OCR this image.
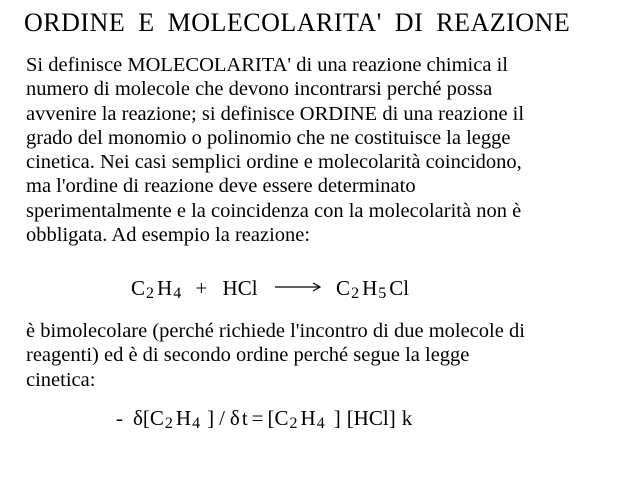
ORDINE E MOLECOLARITA' DI REAZIONE
Si definisce MOLECOLARITA' di una reazione chimica il
numero di molecole che devono incontrarsi perché possa
avvenire la reazione; si definisce ORDINE di una reazione il
grado del monomio o polinomio che ne costituisce la legge
cinetica. Nei casi semplici ordine e molecolarità coincidono,
ma l'ordine di reazione deve essere determinato
sperimentalmente e la coincidenza con la molecolarità non è
obbligata. Ad esempio la reazione:
C2 H4 + HCl → C2 H5 Cl
è bimolecolare (perché richiede l'incontro di due molecole di
reagenti) ed è di secondo ordine perché segue la legge
cinetica:
- δ[C2 H4 ] / δt = [C2 H4 ] [HCl] k
